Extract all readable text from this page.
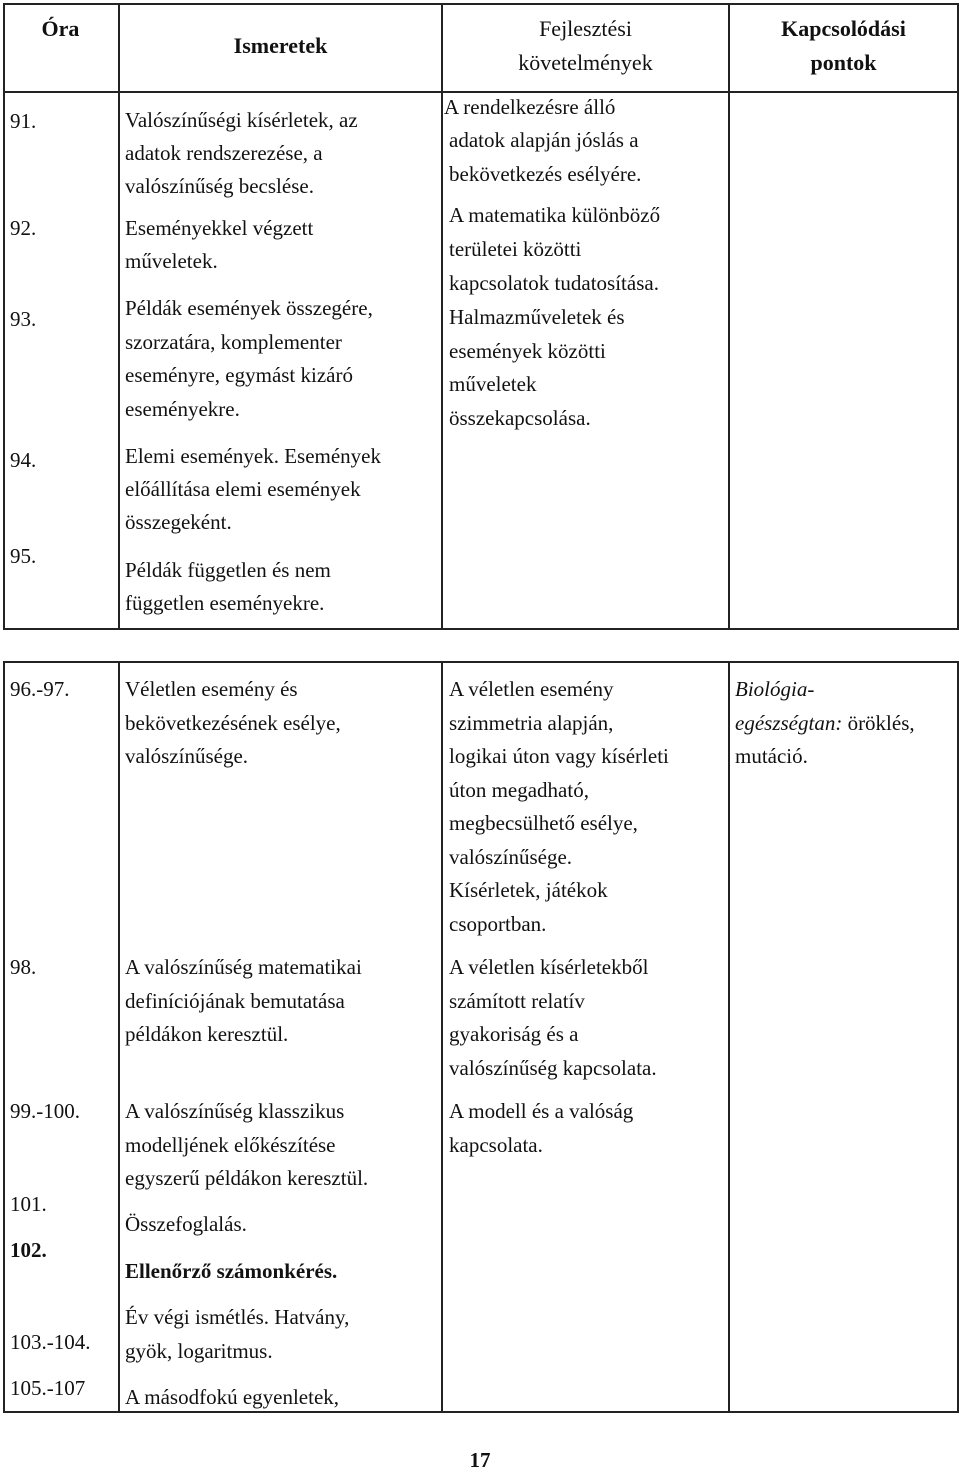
Óra
Ismeretek
Fejlesztési
követelmények
Kapcsolódási
pontok
91.
92.
93.
94.
95.
Valószínűségi kísérletek, az
adatok rendszerezése, a
valószínűség becslése.
Eseményekkel végzett
műveletek.
Példák események összegére,
szorzatára, komplementer
eseményre, egymást kizáró
eseményekre.
Elemi események. Események
előállítása elemi események
összegeként.
Példák független és nem
független eseményekre.
A rendelkezésre álló
adatok alapján jóslás a
bekövetkezés esélyére.
A matematika különböző
területei közötti
kapcsolatok tudatosítása.
Halmazműveletek és
események közötti
műveletek
összekapcsolása.
96.-97.	Véletlen esemény és
bekövetkezésének esélye,
valószínűsége.
A véletlen esemény
szimmetria alapján,
logikai úton vagy kísérleti
úton megadható,
megbecsülhető esélye,
valószínűsége.
Kísérletek, játékok
csoportban.
Biológia-
egészségtan: öröklés,
mutáció.
98.	A valószínűség matematikai
definíciójának bemutatása
példákon keresztül.
A véletlen kísérletekből
számított relatív
gyakoriság és a
valószínűség kapcsolata.
99.-100.
101.
102.
103.-104.
105.-107
A valószínűség klasszikus
modelljének előkészítése
egyszerű példákon keresztül.
Összefoglalás.
Ellenőrző számonkérés.
Év végi ismétlés. Hatvány,
gyök, logaritmus.
A másodfokú egyenletek,
A modell és a valóság
kapcsolata.
17
